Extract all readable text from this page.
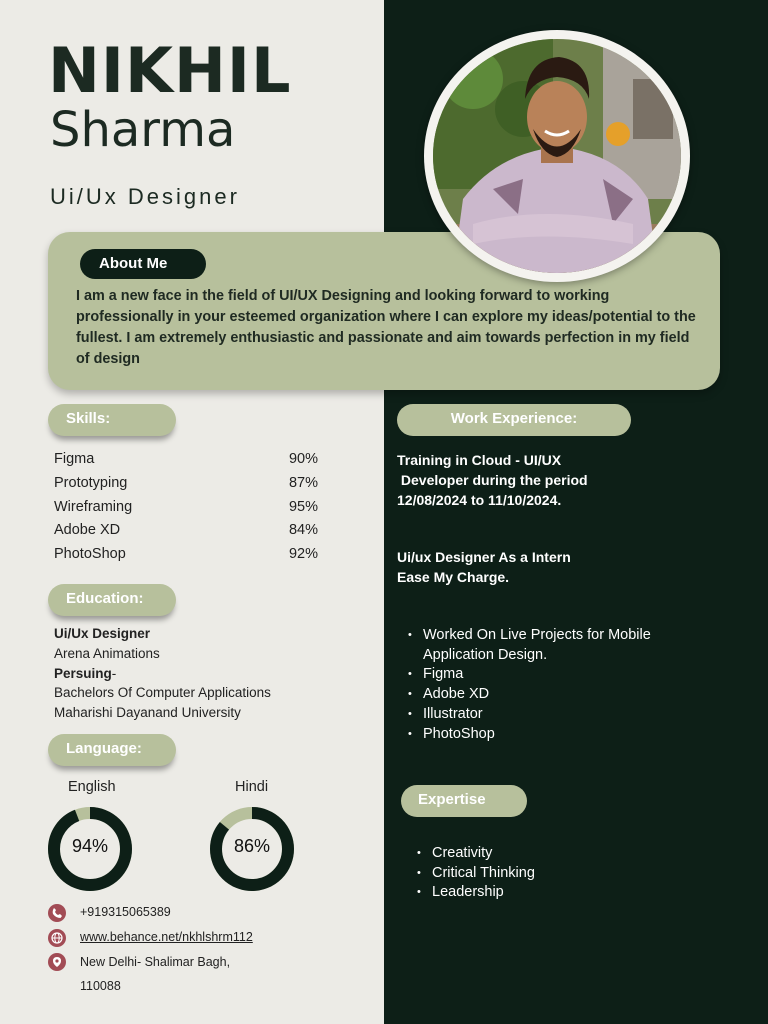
NIKHIL
Sharma
Ui/Ux Designer
About Me
I am a new face in the field of UI/UX Designing and looking forward to working professionally in your esteemed organization where I can explore my ideas/potential to the fullest. I am extremely enthusiastic and passionate and aim towards perfection in my field of design
Skills:
Figma	90%
Prototyping	87%
Wireframing	95%
Adobe XD	84%
PhotoShop	92%
Education:
Ui/Ux Designer
Arena Animations
Persuing-
Bachelors Of Computer Applications
Maharishi Dayanand University
Language:
English	Hindi
94%	86%
+919315065389
www.behance.net/nkhlshrm112
New Delhi- Shalimar Bagh,
110088
Work Experience:
Training in Cloud - UI/UX
Developer during the period
12/08/2024 to 11/10/2024.
Ui/ux Designer As a Intern
Ease My Charge.
• Worked On Live Projects for Mobile
Application Design.
• Figma
• Adobe XD
• Illustrator
• PhotoShop
Expertise
• Creativity
• Critical Thinking
• Leadership
